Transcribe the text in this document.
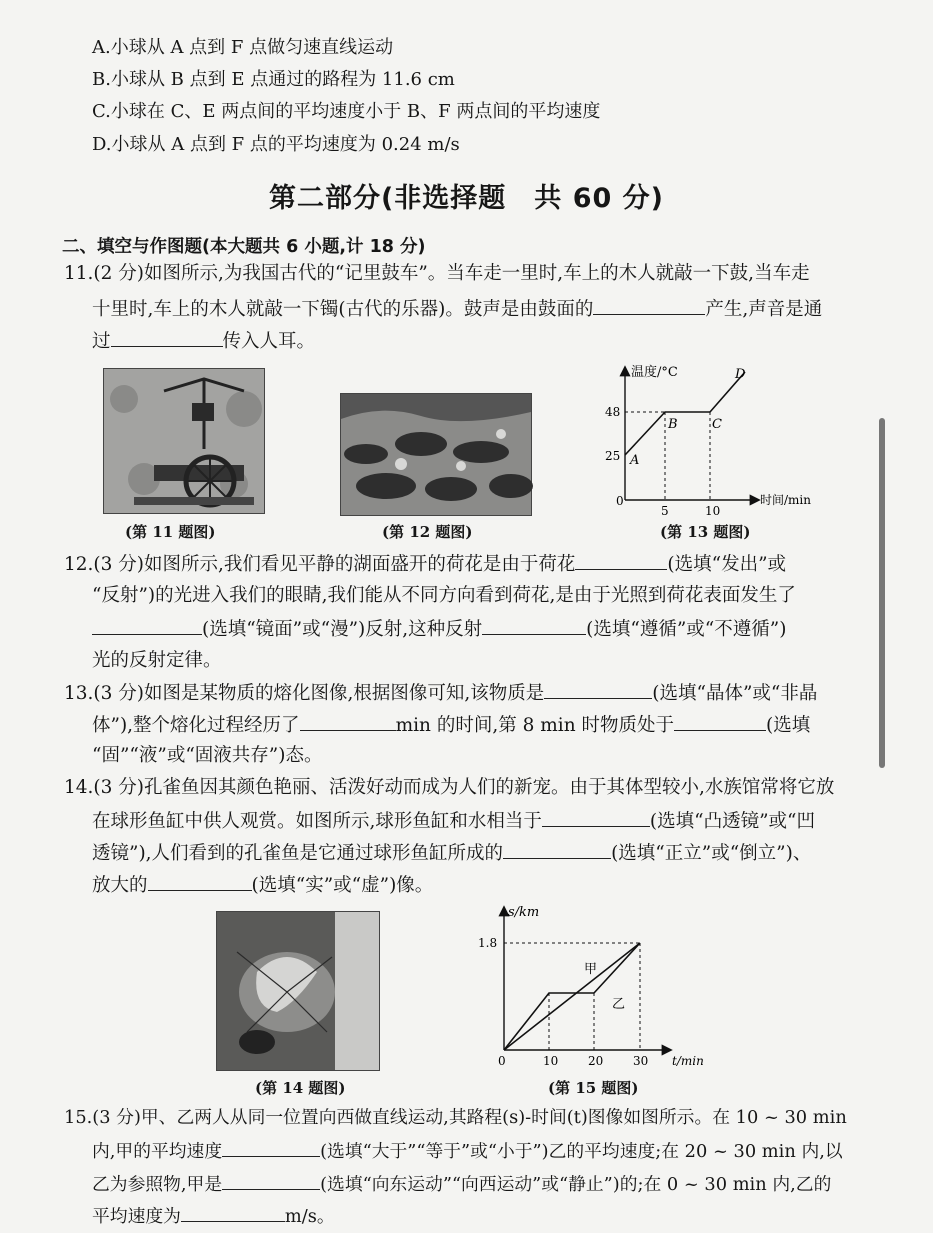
A.小球从 A 点到 F 点做匀速直线运动
B.小球从 B 点到 E 点通过的路程为 11.6 cm
C.小球在 C、E 两点间的平均速度小于 B、F 两点间的平均速度
D.小球从 A 点到 F 点的平均速度为 0.24 m/s
第二部分(非选择题　共 60 分)
二、填空与作图题(本大题共 6 小题,计 18 分)
11.(2 分)如图所示,为我国古代的“记里鼓车”。当车走一里时,车上的木人就敲一下鼓,当车走
十里时,车上的木人就敲一下镯(古代的乐器)。鼓声是由鼓面的	产生,声音是通
过	传入人耳。
温度/°C
时间/min
25
48
0
5	10
A
B	C
D
(第 11 题图)	(第 12 题图)	(第 13 题图)
12.(3 分)如图所示,我们看见平静的湖面盛开的荷花是由于荷花	(选填“发出”或
“反射”)的光进入我们的眼睛,我们能从不同方向看到荷花,是由于光照到荷花表面发生了
(选填“镜面”或“漫”)反射,这种反射	(选填“遵循”或“不遵循”)
光的反射定律。
13.(3 分)如图是某物质的熔化图像,根据图像可知,该物质是	(选填“晶体”或“非晶
体”),整个熔化过程经历了	min 的时间,第 8 min 时物质处于	(选填
“固”“液”或“固液共存”)态。
14.(3 分)孔雀鱼因其颜色艳丽、活泼好动而成为人们的新宠。由于其体型较小,水族馆常将它放
在球形鱼缸中供人观赏。如图所示,球形鱼缸和水相当于	(选填“凸透镜”或“凹
透镜”),人们看到的孔雀鱼是它通过球形鱼缸所成的	(选填“正立”或“倒立”)、
放大的	(选填“实”或“虚”)像。
s/km
t/min
1.8
0	10 20 30
甲
乙
(第 14 题图)	(第 15 题图)
15.(3 分)甲、乙两人从同一位置向西做直线运动,其路程(s)-时间(t)图像如图所示。在 10 ~ 30 min
内,甲的平均速度	(选填“大于”“等于”或“小于”)乙的平均速度;在 20 ~ 30 min 内,以
乙为参照物,甲是	(选填“向东运动”“向西运动”或“静止”)的;在 0 ~ 30 min 内,乙的
平均速度为	m/s。
